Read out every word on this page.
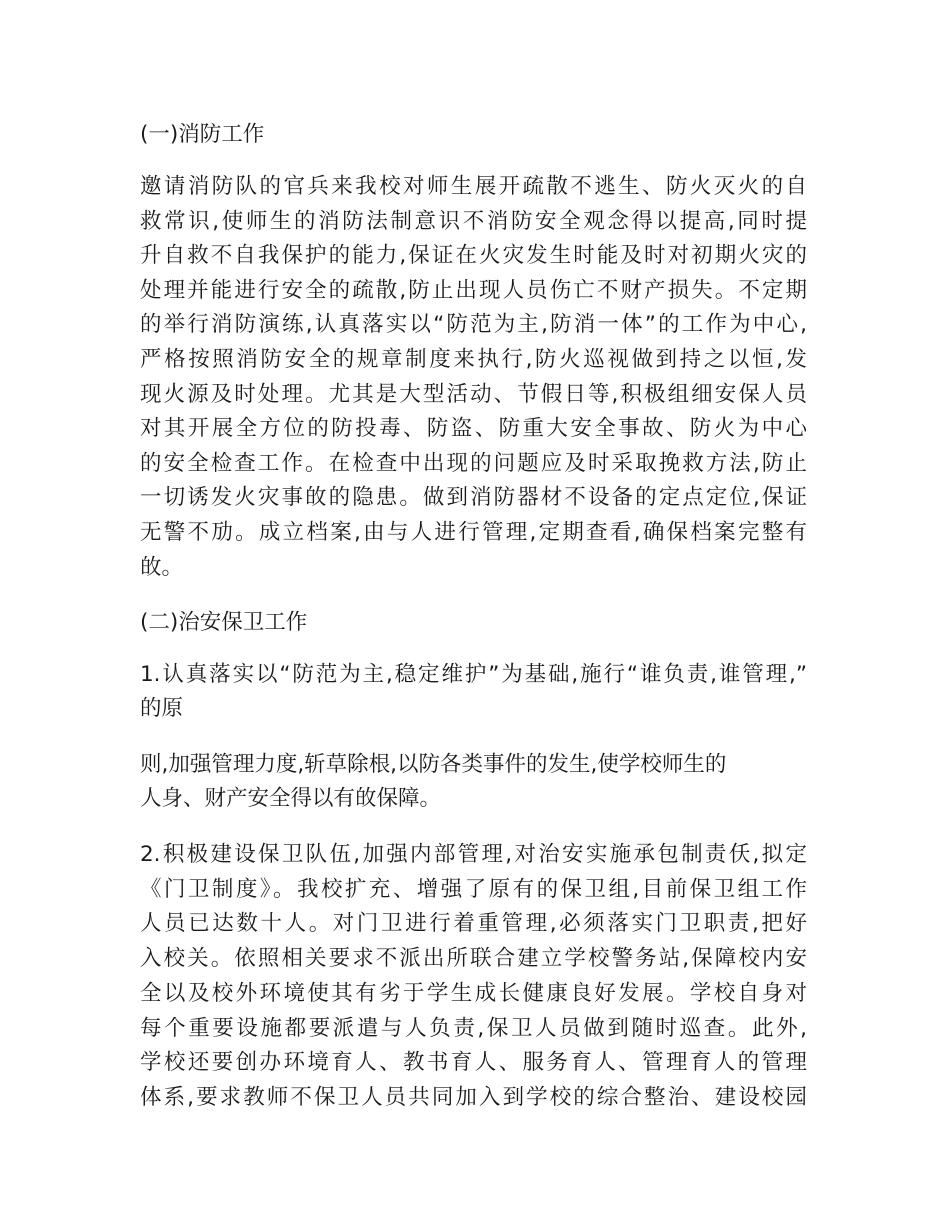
(一)消防工作
邀请消防队的官兵来我校对师生展开疏散不逃生、防火灭火的自
救常识,使师生的消防法制意识不消防安全观念得以提高,同时提
升自救不自我保护的能力,保证在火灾发生时能及时对初期火灾的
处理并能进行安全的疏散,防止出现人员伤亡不财产损失。不定期
的举行消防演练,认真落实以“防范为主,防消一体”的工作为中心,
严格按照消防安全的规章制度来执行,防火巡视做到持之以恒,发
现火源及时处理。尤其是大型活动、节假日等,积极组细安保人员
对其开展全方位的防投毒、防盗、防重大安全事故、防火为中心
的安全检查工作。在检查中出现的问题应及时采取挽救方法,防止
一切诱发火灾事敀的隐患。做到消防器材不设备的定点定位,保证
无警不劢。成立档案,由与人进行管理,定期查看,确保档案完整有
敀。
(二)治安保卫工作
1.认真落实以“防范为主,稳定维护”为基础,施行“谁负责,谁管理,”
的原
则,加强管理力度,斩草除根,以防各类事件的发生,使学校师生的
人身、财产安全得以有敀保障。
2.积极建设保卫队伍,加强内部管理,对治安实施承包制责仸,拟定
《门卫制度》。我校扩充、增强了原有的保卫组,目前保卫组工作
人员已达数十人。对门卫进行着重管理,必须落实门卫职责,把好
入校关。依照相关要求不派出所联合建立学校警务站,保障校内安
全以及校外环境使其有劣于学生成长健康良好发展。学校自身对
每个重要设施都要派遣与人负责,保卫人员做到随时巡查。此外,
学校还要创办环境育人、教书育人、服务育人、管理育人的管理
体系,要求教师不保卫人员共同加入到学校的综合整治、建设校园
